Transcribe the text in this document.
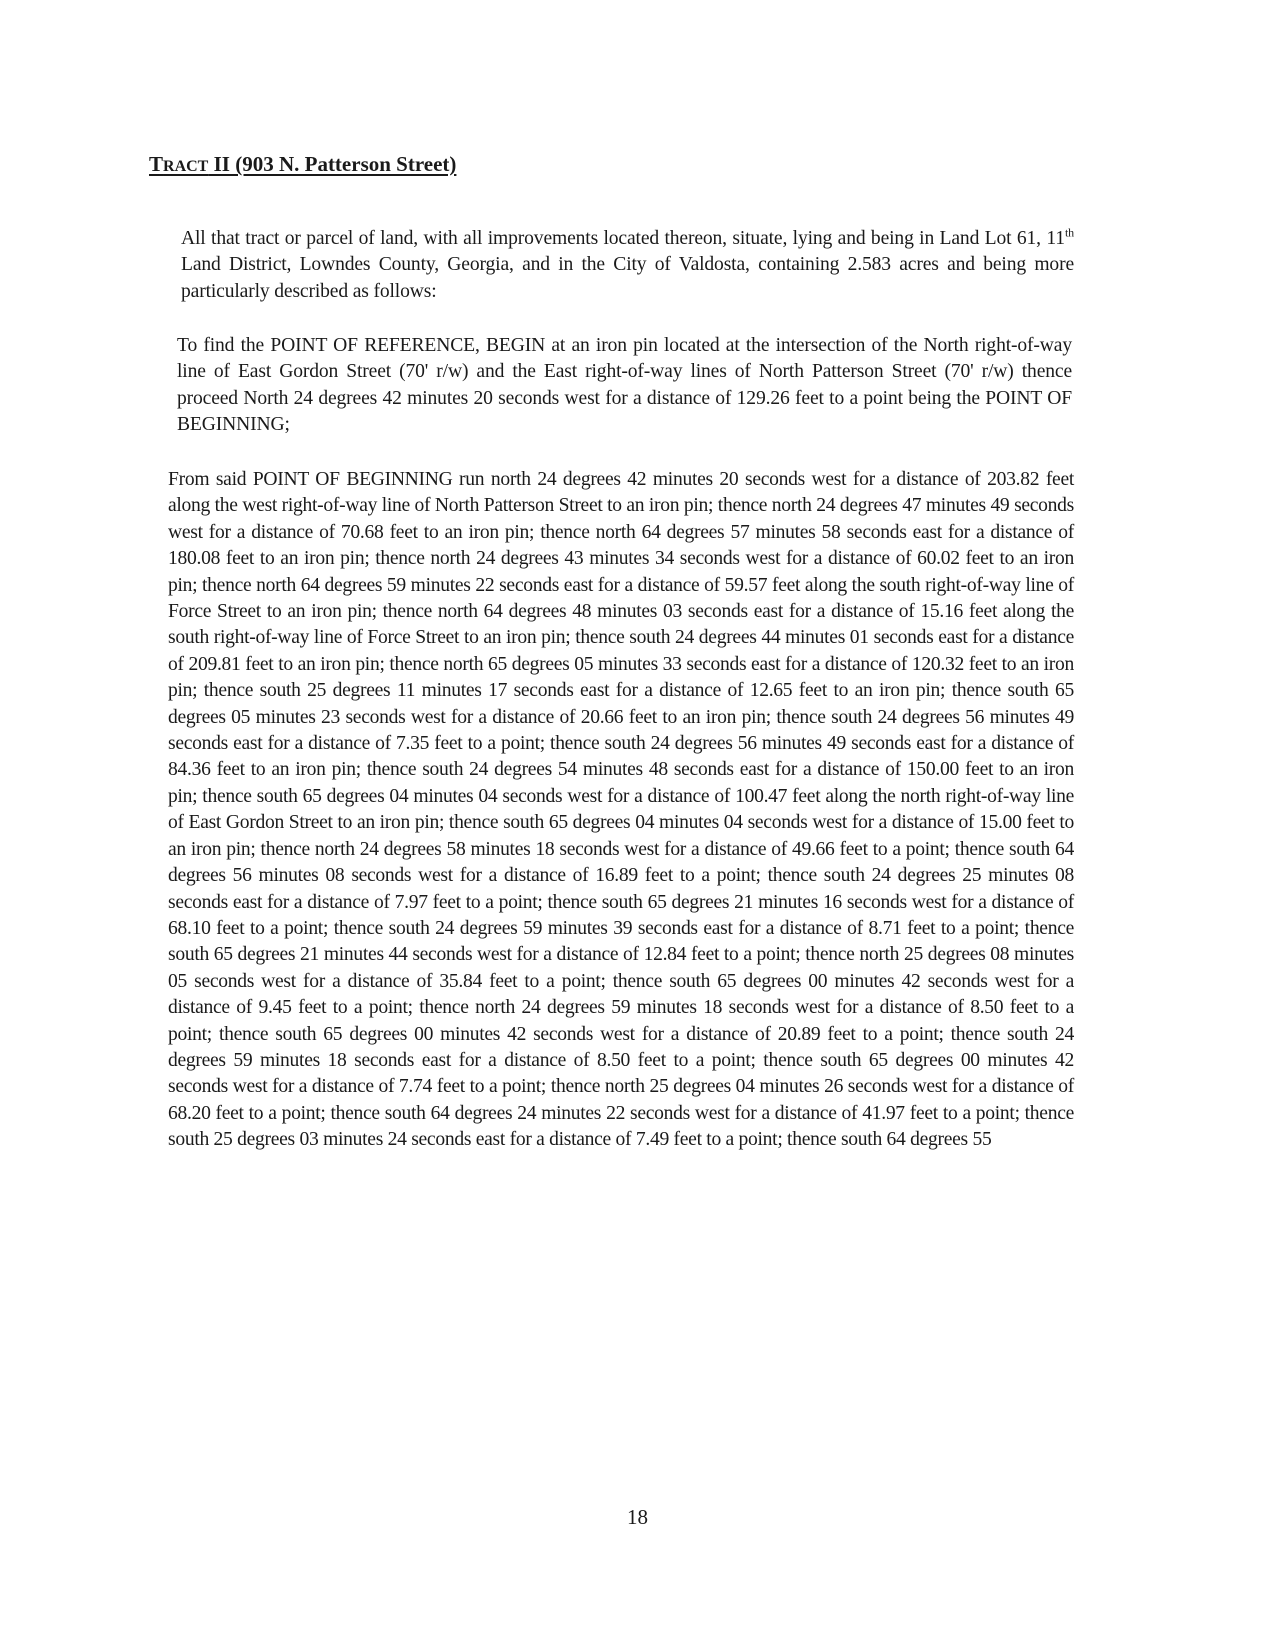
TRACT II (903 N. Patterson Street)
All that tract or parcel of land, with all improvements located thereon, situate, lying and being in Land Lot 61, 11th Land District, Lowndes County, Georgia, and in the City of Valdosta, containing 2.583 acres and being more particularly described as follows:
To find the POINT OF REFERENCE, BEGIN at an iron pin located at the intersection of the North right-of-way line of East Gordon Street (70' r/w) and the East right-of-way lines of North Patterson Street (70' r/w) thence proceed North 24 degrees 42 minutes 20 seconds west for a distance of 129.26 feet to a point being the POINT OF BEGINNING;
From said POINT OF BEGINNING run north 24 degrees 42 minutes 20 seconds west for a distance of 203.82 feet along the west right-of-way line of North Patterson Street to an iron pin; thence north 24 degrees 47 minutes 49 seconds west for a distance of 70.68 feet to an iron pin; thence north 64 degrees 57 minutes 58 seconds east for a distance of 180.08 feet to an iron pin; thence north 24 degrees 43 minutes 34 seconds west for a distance of 60.02 feet to an iron pin; thence north 64 degrees 59 minutes 22 seconds east for a distance of 59.57 feet along the south right-of-way line of Force Street to an iron pin; thence north 64 degrees 48 minutes 03 seconds east for a distance of 15.16 feet along the south right-of-way line of Force Street to an iron pin; thence south 24 degrees 44 minutes 01 seconds east for a distance of 209.81 feet to an iron pin; thence north 65 degrees 05 minutes 33 seconds east for a distance of 120.32 feet to an iron pin; thence south 25 degrees 11 minutes 17 seconds east for a distance of 12.65 feet to an iron pin; thence south 65 degrees 05 minutes 23 seconds west for a distance of 20.66 feet to an iron pin; thence south 24 degrees 56 minutes 49 seconds east for a distance of 7.35 feet to a point; thence south 24 degrees 56 minutes 49 seconds east for a distance of 84.36 feet to an iron pin; thence south 24 degrees 54 minutes 48 seconds east for a distance of 150.00 feet to an iron pin; thence south 65 degrees 04 minutes 04 seconds west for a distance of 100.47 feet along the north right-of-way line of East Gordon Street to an iron pin; thence south 65 degrees 04 minutes 04 seconds west for a distance of 15.00 feet to an iron pin; thence north 24 degrees 58 minutes 18 seconds west for a distance of 49.66 feet to a point; thence south 64 degrees 56 minutes 08 seconds west for a distance of 16.89 feet to a point; thence south 24 degrees 25 minutes 08 seconds east for a distance of 7.97 feet to a point; thence south 65 degrees 21 minutes 16 seconds west for a distance of 68.10 feet to a point; thence south 24 degrees 59 minutes 39 seconds east for a distance of 8.71 feet to a point; thence south 65 degrees 21 minutes 44 seconds west for a distance of 12.84 feet to a point; thence north 25 degrees 08 minutes 05 seconds west for a distance of 35.84 feet to a point; thence south 65 degrees 00 minutes 42 seconds west for a distance of 9.45 feet to a point; thence north 24 degrees 59 minutes 18 seconds west for a distance of 8.50 feet to a point; thence south 65 degrees 00 minutes 42 seconds west for a distance of 20.89 feet to a point; thence south 24 degrees 59 minutes 18 seconds east for a distance of 8.50 feet to a point; thence south 65 degrees 00 minutes 42 seconds west for a distance of 7.74 feet to a point; thence north 25 degrees 04 minutes 26 seconds west for a distance of 68.20 feet to a point; thence south 64 degrees 24 minutes 22 seconds west for a distance of 41.97 feet to a point; thence south 25 degrees 03 minutes 24 seconds east for a distance of 7.49 feet to a point; thence south 64 degrees 55
18
